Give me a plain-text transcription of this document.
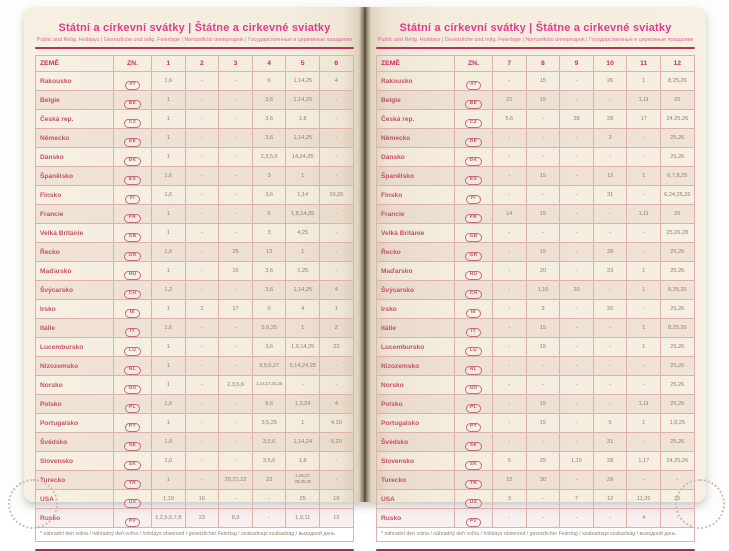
Státní a církevní svátky | Štátne a cirkevné sviatky
Public and Relig. Holidays | Gesetzliche und relig. Feiertage | Nemzetközi ünnepnapok | Государственные и церковные праздники
ZEMĚ	ZN.	1	2	3	4	5	6
Rakousko	AT	1,6	-	-	6	1,14,25	4
Belgie	BE	1	-	-	3,6	1,14,25	-
Česká rep.	CZ	1	-	-	3,6	1,8	-
Německo	DE	1	-	-	3,6	1,14,25	-
Dánsko	DK	1	-	-	2,3,5,6	14,24,25	-
Španělsko	ES	1,6	-	-	3	1	-
Finsko	FI	1,6	-	-	3,6	1,14	19,20
Francie	FR	1	-	-	6	1,8,14,25	-
Velká Británie	GB	1	-	-	3	4,25	-
Řecko	GR	1,6	-	25	13	1	-
Maďarsko	HU	1	-	15	3,6	1,25	-
Švýcarsko	CH	1,2	-	-	3,6	1,14,25	4
Irsko	IE	1	2	17	6	4	1
Itálie	IT	1,6	-	-	5,6,25	1	2
Lucembursko	LU	1	-	-	3,6	1,9,14,25	23
Nizozemsko	NL	1	-	-	3,5,6,27	5,14,24,25	-
Norsko	NO	1	-	2,3,5,6	1,14,17,24,25	-	-
Polsko	PL	1,6	-	-	5,6	1,3,24	4
Portugalsko	PT	1	-	-	3,5,25	1	4,10
Švédsko	SE	1,6	-	-	3,5,6	1,14,24	6,20
Slovensko	SK	1,6	-	-	3,5,6	1,8	-
Turecko	TR	1	-	20,21,22	23	1,19,27, 28,29,30	-
USA	US	1,19	16	-	-	25	19
Rusko	РУ	1,2,5,6,7,8	23	8,9	-	1,9,11	12
* náhradní den volna / náhradný deň voľna / holidays observed / gesetzlicher Feiertag / szabadnapi szabadság / выходной день							
Státní a církevní svátky | Štátne a cirkevné sviatky
Public and Relig. Holidays | Gesetzliche und relig. Feiertage | Nemzetközi ünnepnapok | Государственные и церковные праздники
ZEMĚ	ZN.	7	8	9	10	11	12
Rakousko	AT	-	15	-	26	1	8,25,26
Belgie	BE	21	15	-	-	1,11	25
Česká rep.	CZ	5,6	-	28	28	17	24,25,26
Německo	DE	-	-	-	3	-	25,26
Dánsko	DK	-	-	-	-	-	25,26
Španělsko	ES	-	15	-	12	1	6,7,8,25
Finsko	FI	-	-	-	31	-	6,24,25,26
Francie	FR	14	15	-	-	1,11	25
Velká Británie	GB	-	-	-	-	-	25,26,28
Řecko	GR	-	15	-	28	-	25,26
Maďarsko	HU	-	20	-	23	1	25,26
Švýcarsko	CH	-	1,15	20	-	1	8,25,26
Irsko	IE	-	3	-	26	-	25,26
Itálie	IT	-	15	-	-	1	8,25,26
Lucembursko	LU	-	15	-	-	1	25,26
Nizozemsko	NL	-	-	-	-	-	25,26
Norsko	NO	-	-	-	-	-	25,26
Polsko	PL	-	15	-	-	1,11	25,26
Portugalsko	PT	-	15	-	5	1	1,8,25
Švédsko	SE	-	-	-	31	-	25,26
Slovensko	SK	5	29	1,15	28	1,17	24,25,26
Turecko	TR	15	30	-	29	-	-
USA	US	3	-	7	12	11,26	25
Rusko	РУ	-	-	-	-	4	-
* náhradní den volna / náhradný deň voľna / holidays observed / gesetzlicher Feiertag / szabadnapi szabadság / выходной день							
